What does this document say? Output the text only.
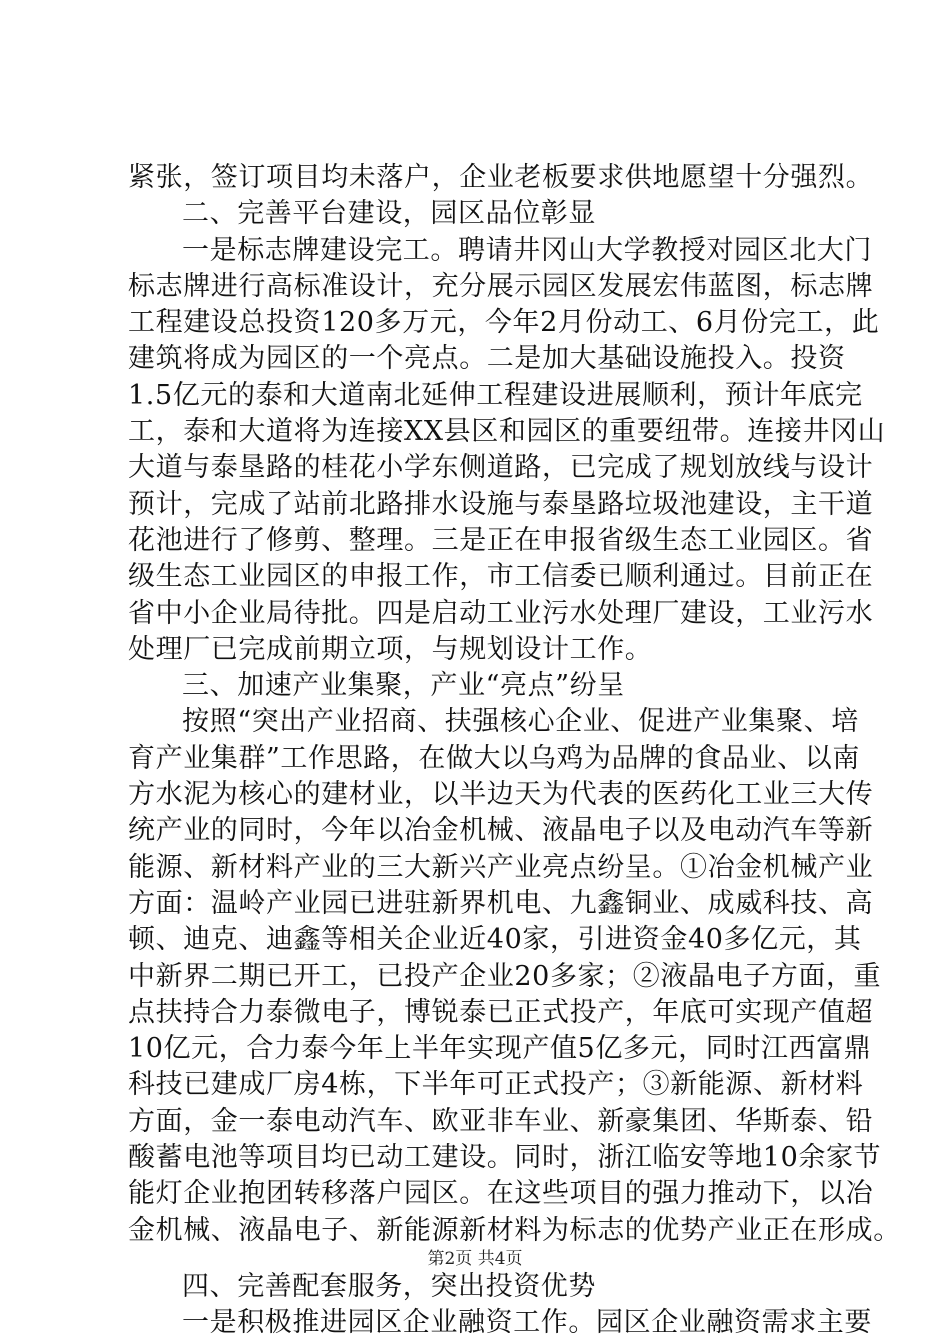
紧张，签订项目均未落户，企业老板要求供地愿望十分强烈。
二、完善平台建设，园区品位彰显
一是标志牌建设完工。聘请井冈山大学教授对园区北大门
标志牌进行高标准设计，充分展示园区发展宏伟蓝图，标志牌
工程建设总投资120多万元，今年2月份动工、6月份完工，此
建筑将成为园区的一个亮点。二是加大基础设施投入。投资
1.5亿元的泰和大道南北延伸工程建设进展顺利，预计年底完
工，泰和大道将为连接XX县区和园区的重要纽带。连接井冈山
大道与泰垦路的桂花小学东侧道路，已完成了规划放线与设计
预计，完成了站前北路排水设施与泰垦路垃圾池建设，主干道
花池进行了修剪、整理。三是正在申报省级生态工业园区。省
级生态工业园区的申报工作，市工信委已顺利通过。目前正在
省中小企业局待批。四是启动工业污水处理厂建设，工业污水
处理厂已完成前期立项，与规划设计工作。
三、加速产业集聚，产业“亮点”纷呈
按照“突出产业招商、扶强核心企业、促进产业集聚、培
育产业集群”工作思路，在做大以乌鸡为品牌的食品业、以南
方水泥为核心的建材业，以半边天为代表的医药化工业三大传
统产业的同时，今年以冶金机械、液晶电子以及电动汽车等新
能源、新材料产业的三大新兴产业亮点纷呈。①冶金机械产业
方面：温岭产业园已进驻新界机电、九鑫铜业、成威科技、高
顿、迪克、迪鑫等相关企业近40家，引进资金40多亿元，其
中新界二期已开工，已投产企业20多家；②液晶电子方面，重
点扶持合力泰微电子，博锐泰已正式投产，年底可实现产值超
10亿元，合力泰今年上半年实现产值5亿多元，同时江西富鼎
科技已建成厂房4栋，下半年可正式投产；③新能源、新材料
方面，金一泰电动汽车、欧亚非车业、新豪集团、华斯泰、铅
酸蓄电池等项目均已动工建设。同时，浙江临安等地10余家节
能灯企业抱团转移落户园区。在这些项目的强力推动下，以冶
金机械、液晶电子、新能源新材料为标志的优势产业正在形成。
四、完善配套服务，突出投资优势
一是积极推进园区企业融资工作。园区企业融资需求主要
第2页 共4页
